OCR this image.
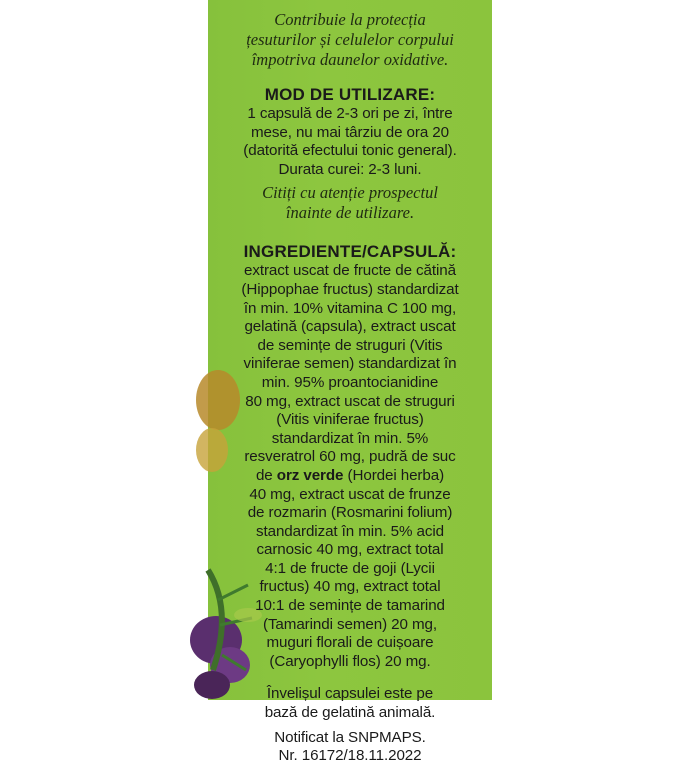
Contribuie la protecția
țesuturilor și celulelor corpului
împotriva daunelor oxidative.
MOD DE UTILIZARE:
1 capsulă de 2-3 ori pe zi, între
mese, nu mai târziu de ora 20
(datorită efectului tonic general).
Durata curei: 2-3 luni.
Citiți cu atenție prospectul
înainte de utilizare.
INGREDIENTE/CAPSULĂ:
extract uscat de fructe de cătină
(Hippophae fructus) standardizat
în min. 10% vitamina C 100 mg,
gelatină (capsula), extract uscat
de semințe de struguri (Vitis
viniferae semen) standardizat în
min. 95% proantocianidine
80 mg, extract uscat de struguri
(Vitis viniferae fructus)
standardizat în min. 5%
resveratrol 60 mg, pudră de suc
de orz verde (Hordei herba)
40 mg, extract uscat de frunze
de rozmarin (Rosmarini folium)
standardizat în min. 5% acid
carnosic 40 mg, extract total
4:1 de fructe de goji (Lycii
fructus) 40 mg, extract total
10:1 de semințe de tamarind
(Tamarindi semen) 20 mg,
muguri florali de cuișoare
(Caryophylli flos) 20 mg.
Învelișul capsulei este pe
bază de gelatină animală.
Notificat la SNPMAPS.
Nr. 16172/18.11.2022
